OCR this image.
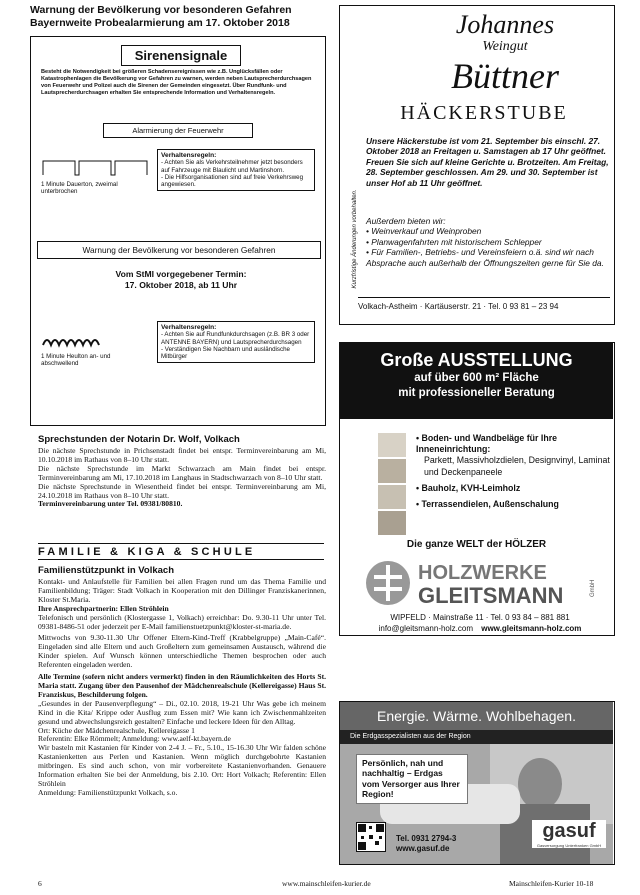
Warnung der Bevölkerung vor besonderen Gefahren
Bayernweite Probealarmierung am 17. Oktober 2018
Sirenensignale
Besteht die Notwendigkeit bei größeren Schadensereignissen wie z.B. Unglücksfällen oder Katastrophenlagen die Bevölkerung vor Gefahren zu warnen, werden neben Lautsprecherdurchsagen von Feuerwehr und Polizei auch die Sirenen der Gemeinden eingesetzt. Über Rundfunk- und Lautsprecherdurchsagen erhalten Sie entsprechende Information und Verhaltensregeln.
Alarmierung der Feuerwehr
1 Minute Dauerton, zweimal unterbrochen
Verhaltensregeln:
- Achten Sie als Verkehrsteilnehmer jetzt besonders auf Fahrzeuge mit Blaulicht und Martinshorn.
- Die Hilfsorganisationen sind auf freie Verkehrsweg angewiesen.
Warnung der Bevölkerung vor besonderen Gefahren
Vom StMI vorgegebener Termin:
17. Oktober 2018, ab 11 Uhr
1 Minute Heulton an- und abschwellend
Verhaltensregeln:
- Achten Sie auf Rundfunkdurchsagen (z.B. BR 3 oder ANTENNE BAYERN) und Lautsprecherdurchsagen
- Verständigen Sie Nachbarn und ausländische Mitbürger
Sprechstunden der Notarin Dr. Wolf, Volkach

Die nächste Sprechstunde in Prichsenstadt findet bei entspr. Terminvereinbarung am Mi, 10.10.2018 im Rathaus von 8–10 Uhr statt.

Die nächste Sprechstunde im Markt Schwarzach am Main findet bei entspr. Terminvereinbarung am Mi, 17.10.2018 im Langhaus in Stadtschwarzach von 8–10 Uhr statt.

Die nächste Sprechstunde in Wiesentheid findet bei entspr. Terminvereinbarung am Mi, 24.10.2018 im Rathaus von 8–10 Uhr statt.

Terminvereinbarung unter Tel. 09381/80810.

FAMILIE & KIGA & SCHULE
Familienstützpunkt in Volkach

Kontakt- und Anlaufstelle für Familien bei allen Fragen rund um das Thema Familie und Familienbildung; Träger: Stadt Volkach in Kooperation mit den Dillinger Franziskanerinnen, Kloster St.Maria.

Ihre Ansprechpartnerin: Ellen Ströhlein

Telefonisch und persönlich (Klostergasse 1, Volkach) erreichbar: Do. 9.30-11 Uhr unter Tel. 09381-8486-51 oder jederzeit per E-Mail familienstuetzpunkt@kloster-st-maria.de.

Mittwochs von 9.30-11.30 Uhr Offener Eltern-Kind-Treff (Krabbelgruppe) „Main-Café“. Eingeladen sind alle Eltern und auch Großeltern zum gemeinsamen Austausch, während die Kinder spielen. Auf Wunsch können unterschiedliche Themen besprochen oder auch Referenten eingeladen werden.

Alle Termine (sofern nicht anders vermerkt) finden in den Räumlichkeiten des Horts St. Maria statt. Zugang über den Pausenhof der Mädchenrealschule (Kellereigasse) Haus St. Franziskus, Beschilderung folgen.

„Gesundes in der Pausenverpflegung“ – Di., 02.10. 2018, 19-21 Uhr Was gebe ich meinem Kind in die Kita/ Krippe oder Ausflug zum Essen mit? Wie kann ich Zwischenmahlzeiten gesund und abwechslungsreich gestalten? Einfache und leckere Ideen für den Alltag.

Ort: Küche der Mädchenrealschule, Kellereigasse 1

Referentin: Elke Römmelt; Anmeldung: www.aelf-kt.bayern.de

Wir basteln mit Kastanien für Kinder von 2-4 J. – Fr., 5.10., 15-16.30 Uhr Wir falden schöne Kastanienketten aus Perlen und Kastanien. Wenn möglich durchgebohrte Kastanien mitbringen. Es sind auch schon, von mir vorbereitete Kastanienvorhanden. Genauere Information erhalten Sie bei der Anmeldung, bis 2.10. Ort: Hort Volkach; Referentin: Ellen Ströhlein

Anmeldung: Familienstützpunkt Volkach, s.o.

Johannes
Weingut
Büttner
HÄCKERSTUBE
Unsere Häckerstube ist vom 21. September bis einschl. 27. Oktober 2018 an Freitagen u. Samstagen ab 17 Uhr geöffnet. Freuen Sie sich auf kleine Gerichte u. Brotzeiten. Am Freitag, 28. September geschlossen. Am 29. und 30. September ist unser Hof ab 11 Uhr geöffnet.
Außerdem bieten wir:
• Weinverkauf und Weinproben
• Planwagenfahrten mit historischem Schlepper
• Für Familien-, Betriebs- und Vereinsfeiern o.ä. sind wir nach Absprache auch außerhalb der Öffnungszeiten gerne für Sie da.
Kurzfristige Änderungen vorbehalten.
Volkach-Astheim · Kartäuserstr. 21 · Tel. 0 93 81 – 23 94
Große AUSSTELLUNG
auf über 600 m² Fläche
mit professioneller Beratung
• Boden- und Wandbeläge für Ihre Inneneinrichtung:
Parkett, Massivholzdielen, Designvinyl, Laminat und Deckenpaneele
• Bauholz, KVH-Leimholz
• Terrassendielen, Außenschalung
Die ganze WELT der HÖLZER
HOLZWERKE
GLEITSMANN	GmbH
WIPFELD · Mainstraße 11 · Tel. 0 93 84 – 881 881
info@gleitsmann-holz.com www.gleitsmann-holz.com
Energie. Wärme. Wohlbehagen.
Die Erdgasspezialisten aus der Region
Persönlich, nah und nachhaltig – Erdgas vom Versorger aus Ihrer Region!
Tel. 0931 2794-3
www.gasuf.de
gasuf
Gasversorgung Unterfranken GmbH
6	www.mainschleifen-kurier.de	Mainschleifen-Kurier 10-18
